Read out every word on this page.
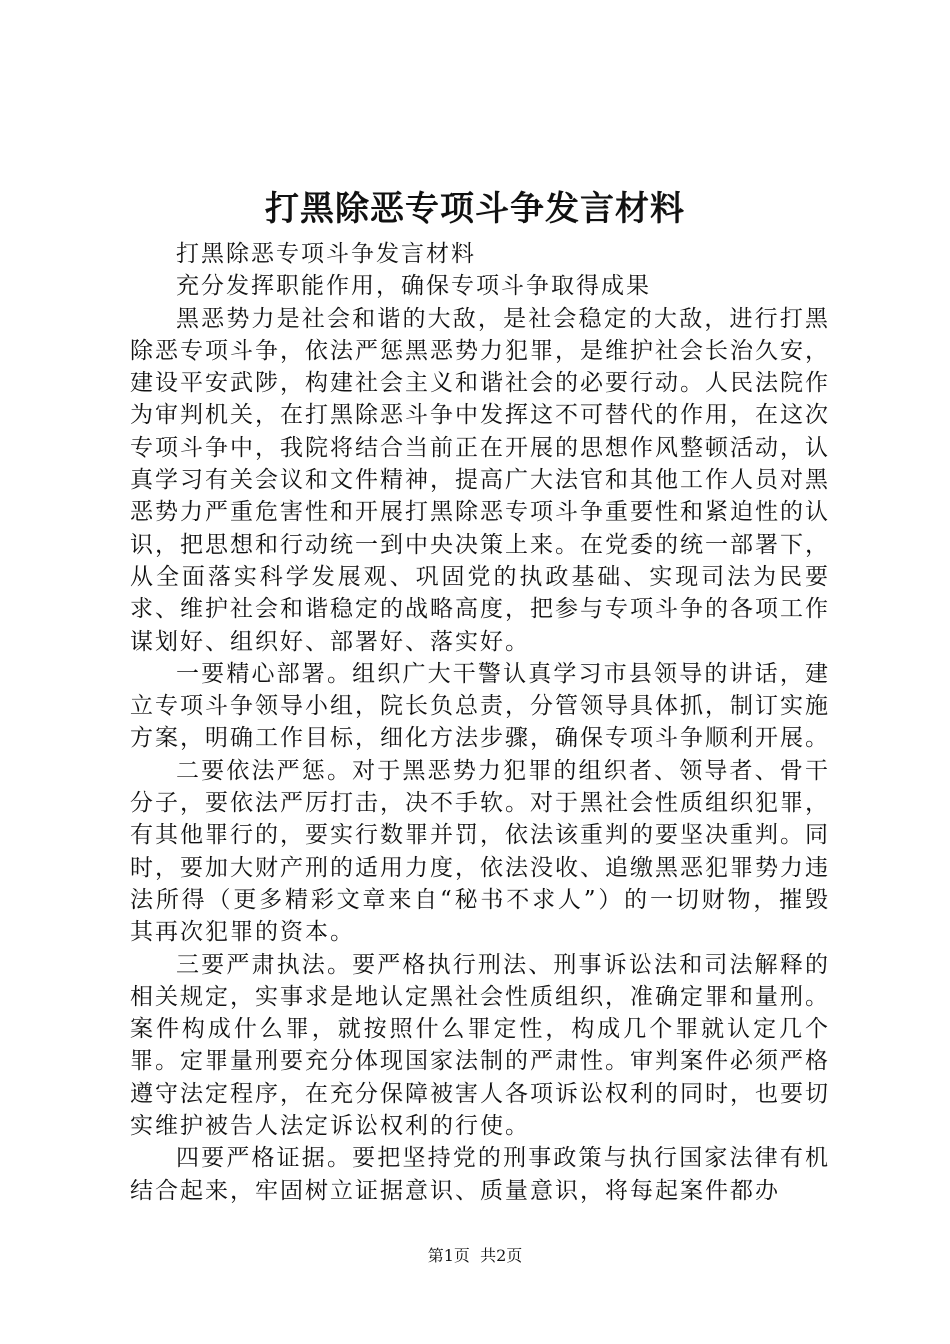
打黑除恶专项斗争发言材料

打黑除恶专项斗争发言材料

充分发挥职能作用，确保专项斗争取得成果

黑恶势力是社会和谐的大敌，是社会稳定的大敌，进行打黑除恶专项斗争，依法严惩黑恶势力犯罪，是维护社会长治久安，建设平安武陟，构建社会主义和谐社会的必要行动。人民法院作为审判机关，在打黑除恶斗争中发挥这不可替代的作用，在这次专项斗争中，我院将结合当前正在开展的思想作风整顿活动，认真学习有关会议和文件精神，提高广大法官和其他工作人员对黑恶势力严重危害性和开展打黑除恶专项斗争重要性和紧迫性的认识，把思想和行动统一到中央决策上来。在党委的统一部署下，从全面落实科学发展观、巩固党的执政基础、实现司法为民要求、维护社会和谐稳定的战略高度，把参与专项斗争的各项工作谋划好、组织好、部署好、落实好。

一要精心部署。组织广大干警认真学习市县领导的讲话，建立专项斗争领导小组，院长负总责，分管领导具体抓，制订实施方案，明确工作目标，细化方法步骤，确保专项斗争顺利开展。

二要依法严惩。对于黑恶势力犯罪的组织者、领导者、骨干分子，要依法严厉打击，决不手软。对于黑社会性质组织犯罪，有其他罪行的，要实行数罪并罚，依法该重判的要坚决重判。同时，要加大财产刑的适用力度，依法没收、追缴黑恶犯罪势力违法所得（更多精彩文章来自“秘书不求人”）的一切财物，摧毁其再次犯罪的资本。

三要严肃执法。要严格执行刑法、刑事诉讼法和司法解释的相关规定，实事求是地认定黑社会性质组织，准确定罪和量刑。案件构成什么罪，就按照什么罪定性，构成几个罪就认定几个罪。定罪量刑要充分体现国家法制的严肃性。审判案件必须严格遵守法定程序，在充分保障被害人各项诉讼权利的同时，也要切实维护被告人法定诉讼权利的行使。

四要严格证据。要把坚持党的刑事政策与执行国家法律有机结合起来，牢固树立证据意识、质量意识，将每起案件都办

第1页  共2页
